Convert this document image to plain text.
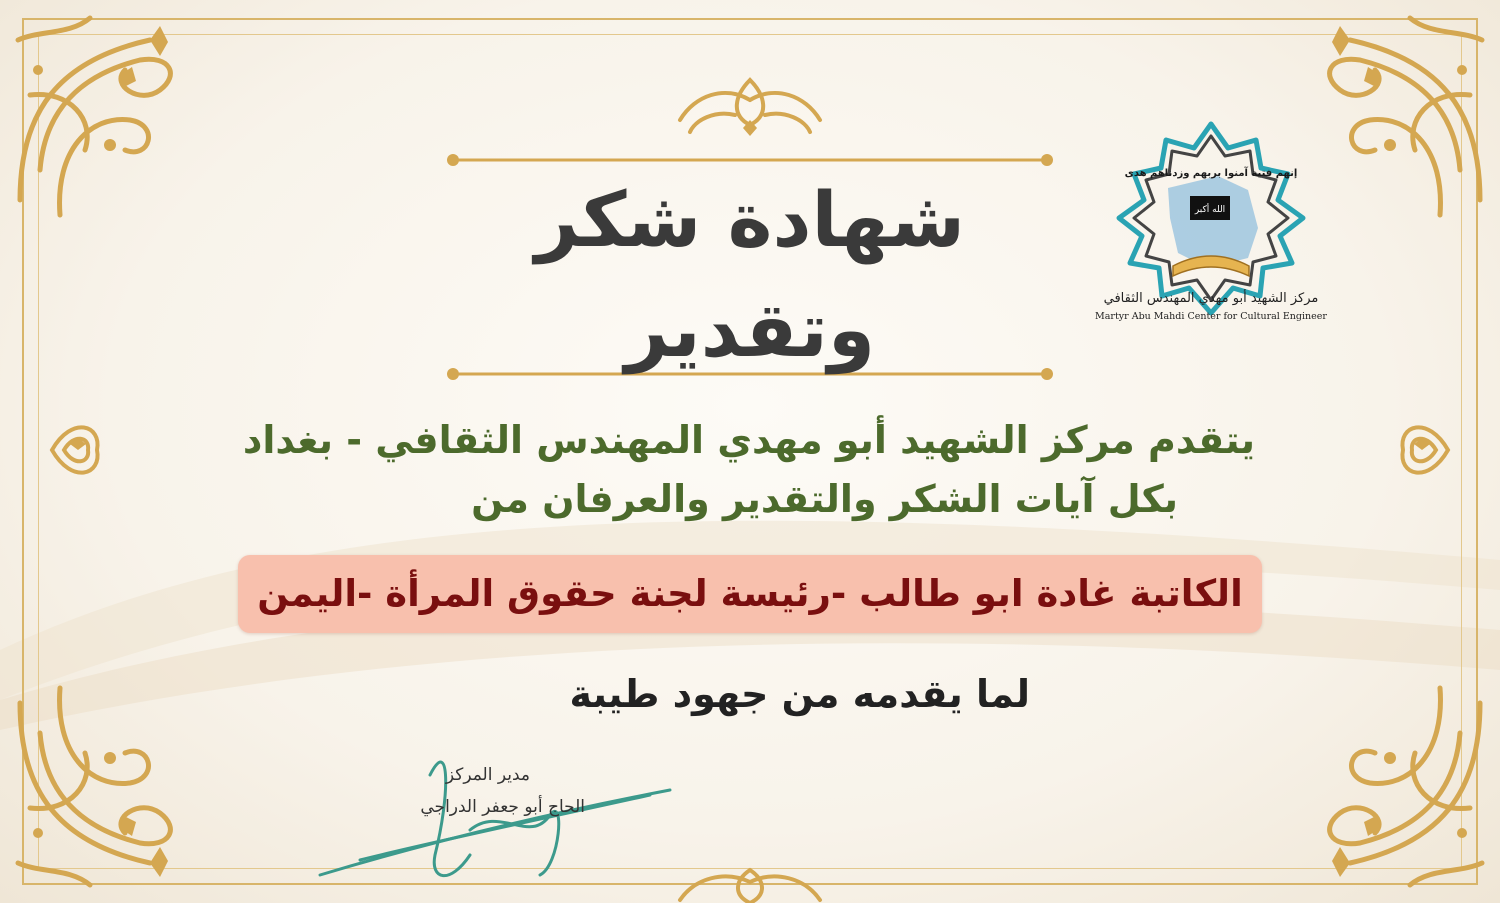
شهادة شكر وتقدير
الله أكبر
إنهم فتية آمنوا بربهم وزدناهم هدى
مركز الشهيد أبو مهدي المهندس الثقافي
Martyr Abu Mahdi Center for Cultural Engineer
يتقدم مركز الشهيد أبو مهدي المهندس الثقافي - بغداد
بكل آيات الشكر والتقدير والعرفان من
الكاتبة غادة ابو طالب -رئيسة لجنة حقوق المرأة -اليمن
لما يقدمه من جهود طيبة
مدير المركز
الحاج أبو جعفر الدراجي
